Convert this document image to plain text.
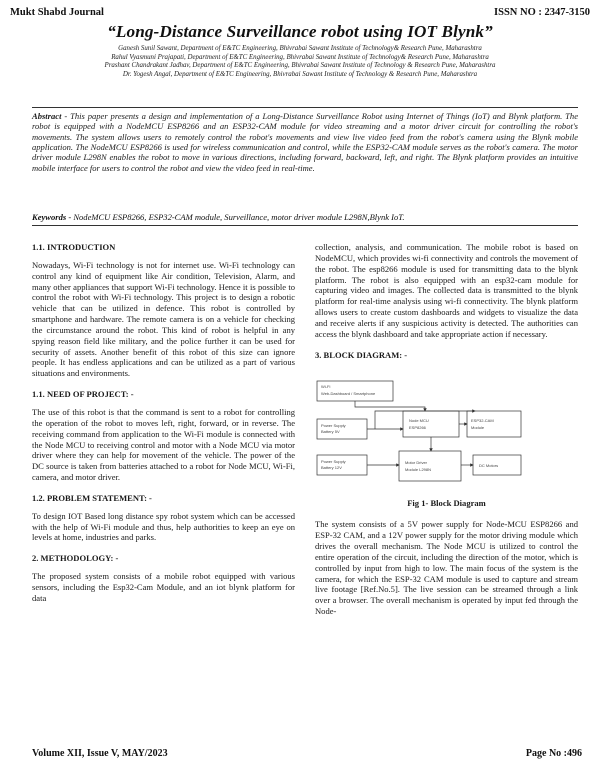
Mukt Shabd Journal	ISSN NO : 2347-3150
“Long-Distance Surveillance robot using IOT Blynk”
Ganesh Sunil Sawant, Department of E&TC Engineering, Bhivrabai Sawant Institute of Technology& Research Pune, Maharashtra
Rahul Vyasmuni Prajapati, Department of E&TC Engineering, Bhivrabai Sawant Institute of Technology& Research Pune, Maharashtra
Prashant Chandrakant Jadhav, Department of E&TC Engineering, Bhivrabai Sawant Institute of Technology & Research Pune, Maharashtra
Dr. Yogesh Angal, Department of E&TC Engineering, Bhivrabai Sawant Institute of Technology & Research Pune, Maharashtra
Abstract - This paper presents a design and implementation of a Long-Distance Surveillance Robot using Internet of Things (IoT) and Blynk platform. The robot is equipped with a NodeMCU ESP8266 and an ESP32-CAM module for video streaming and a motor driver circuit for controlling the robot's movements. The system allows users to remotely control the robot's movements and view live video feed from the robot's camera using the Blynk mobile application. The NodeMCU ESP8266 is used for wireless communication and control, while the ESP32-CAM module serves as the robot's camera. The motor driver module L298N enables the robot to move in various directions, including forward, backward, left, and right. The Blynk platform provides an intuitive mobile interface for users to control the robot and view the video feed in real-time.
Keywords - NodeMCU ESP8266, ESP32-CAM module, Surveillance, motor driver module L298N,Blynk IoT.
1.1. INTRODUCTION

Nowadays, Wi-Fi technology is not for internet use. Wi-Fi technology can control any kind of equipment like Air condition, Television, Alarm, and many other appliances that support Wi-Fi technology. Hence it is possible to control the robot with Wi-Fi technology. This project is to design a robotic vehicle that can be utilized in defence. This robot is controlled by smartphone and hardware. The remote camera is on a vehicle for checking the circumstance around the robot. This kind of robot is helpful in any spying reason field like military, and the police further it can be used for security of assets. Another benefit of this robot of this size can ignore people. It has endless applications and can be utilized as a part of various situations and environments.

1.1. NEED OF PROJECT: -

The use of this robot is that the command is sent to a robot for controlling the operation of the robot to moves left, right, forward, or in reverse. The receiving command from application to the Wi-Fi module is connected with the Node MCU to receiving control and motor with a Node MCU via motor driver where they can help for movement of the vehicle. The power of the DC source is taken from batteries attached to a robot for Node MCU, Wi-Fi, camera, and motor driver.

1.2. PROBLEM STATEMENT: -

To design IOT Based long distance spy robot system which can be accessed with the help of Wi-Fi module and thus, help authorities to keep an eye on levels at home, industries and parks.

2. METHODOLOGY: -

The proposed system consists of a mobile robot equipped with various sensors, including the Esp32-Cam Module, and an iot blynk platform for data

collection, analysis, and communication. The mobile robot is based on NodeMCU, which provides wi-fi connectivity and controls the movement of the robot. The esp8266 module is used for transmitting data to the blynk platform. The robot is also equipped with an esp32-cam module for capturing video and images. The collected data is transmitted to the blynk platform for real-time analysis using wi-fi connectivity. The blynk platform allows users to create custom dashboards and widgets to visualize the data and receive alerts if any suspicious activity is detected. The authorities can access the blynk dashboard and take appropriate action if necessary.

3. BLOCK DIAGRAM: -
Wi-Fi
Web-Dashboard / Smartphone
Power Supply
Battery 5V
Node MCU
ESP8266
ESP32-CAM
Module
Power Supply
Battery 12V
Motor Driver
Module L298N
DC Motors
Fig 1- Block Diagram

The system consists of a 5V power supply for Node-MCU ESP8266 and ESP-32 CAM, and a 12V power supply for the motor driving module which drives the overall mechanism. The Node MCU is utilized to control the entire operation of the circuit, including the direction of the motor, which is controlled by input from high to low. The main focus of the system is the camera, for which the ESP-32 CAM module is used to capture and stream live footage [Ref.No.5]. The live session can be streamed through a link over a browser. The overall mechanism is operated by input fed through the Node-

Volume XII, Issue V, MAY/2023	Page No :496
